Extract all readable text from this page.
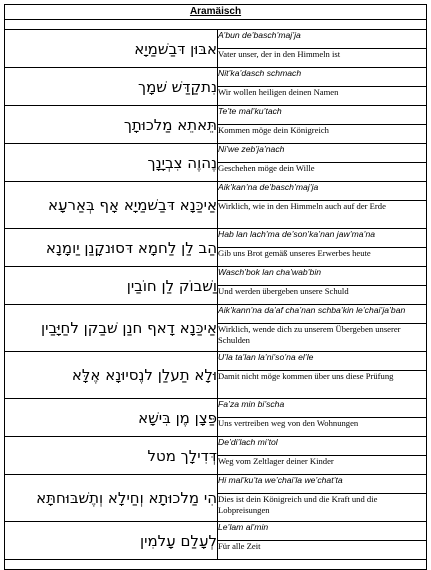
Aramäisch	

אבּוּן דּבַשׁמַיָא	A’bun de’basch’maj’ja
	Vater unser, der in den Himmeln ist
נִתקַדַּשׁ שׁמָך	Nit’ka’dasch schmach
	Wir wollen heiligen deinen Namen
תֵּאתֵא מַלכוּתָך	Te’te mal’ku’tach
	Kommen möge dein Königreich
נֶהוֶה צִבְיָנָך	Ni’we zeb’ja’nach
	Geschehen möge dein Wille
אַיכַּנָא דּבַשׁמַיָא אָף בְּאַרעָא	Aik’kan’na de’basch’maj’ja
	Wirklich, wie in den Himmeln auch auf der Erde
הַב לַן לַחמָא דּסוּנקָנַן יַומָנָא	Hab lan lach’ma de’son’ka’nan jaw’ma’na
	Gib uns Brot gemäß unseres Erwerbes heute
וַשׁבוֹק לַן חוֹבַין	Wasch’bok lan cha’wab’bin
	Und werden übergeben unsere Schuld
אַיכַּנָא דָאף חנַן שׁבַקן לחַיָּבַין	Aik’kann’na da’af cha’nan schba’kin le’chai’ja’ban
	Wirklich, wende dich zu unserem Übergeben unserer Schulden
וּלָא תַעלַן לנֶסיוּנָא אֶלָּא	U’la ta’lan la’ni’so’na el’le
	Damit nicht möge kommen über uns diese Prüfung
פַּצָן מֶן בִּישָׁא	Fa’za min bi’scha
	Uns vertreiben weg von den Wohnungen
דְּדִילָך מטל	De’di’lach mi’tol
	Weg vom Zeltlager deiner Kinder
הִי מַלכוּתָא וְחַילָא וְתֶשׁבּוּחתָּא	Hi mal’ku’ta we’chai’la we’chat’ta
	Dies ist dein Königreich und die Kraft und die Lobpreisungen
לְעָלַם עָלמִין	Le’lam al’min
	Für alle Zeit
